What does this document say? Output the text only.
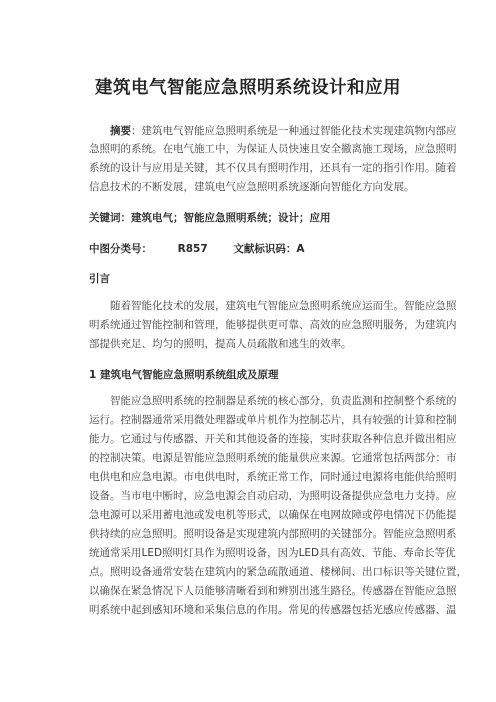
建筑电气智能应急照明系统设计和应用
摘要：建筑电气智能应急照明系统是一种通过智能化技术实现建筑物内部应
急照明的系统。在电气施工中，为保证人员快速且安全撤离施工现场，应急照明
系统的设计与应用是关键，其不仅具有照明作用，还具有一定的指引作用。随着
信息技术的不断发展，建筑电气应急照明系统逐渐向智能化方向发展。
关键词：建筑电气；智能应急照明系统；设计；应用
中图分类号： R857 文献标识码：A
引言
随着智能化技术的发展，建筑电气智能应急照明系统应运而生。智能应急照
明系统通过智能控制和管理，能够提供更可靠、高效的应急照明服务，为建筑内
部提供充足、均匀的照明，提高人员疏散和逃生的效率。
1 建筑电气智能应急照明系统组成及原理
智能应急照明系统的控制器是系统的核心部分，负责监测和控制整个系统的
运行。控制器通常采用微处理器或单片机作为控制芯片，具有较强的计算和控制
能力。它通过与传感器、开关和其他设备的连接，实时获取各种信息并做出相应
的控制决策。电源是智能应急照明系统的能量供应来源。它通常包括两部分：市
电供电和应急电源。市电供电时，系统正常工作，同时通过电源将电能供给照明
设备。当市电中断时，应急电源会自动启动，为照明设备提供应急电力支持。应
急电源可以采用蓄电池或发电机等形式，以确保在电网故障或停电情况下仍能提
供持续的应急照明。照明设备是实现建筑内部照明的关键部分。智能应急照明系
统通常采用LED照明灯具作为照明设备，因为LED具有高效、节能、寿命长等优
点。照明设备通常安装在建筑内的紧急疏散通道、楼梯间、出口标识等关键位置，
以确保在紧急情况下人员能够清晰看到和辨别出逃生路径。传感器在智能应急照
明系统中起到感知环境和采集信息的作用。常见的传感器包括光感应传感器、温
